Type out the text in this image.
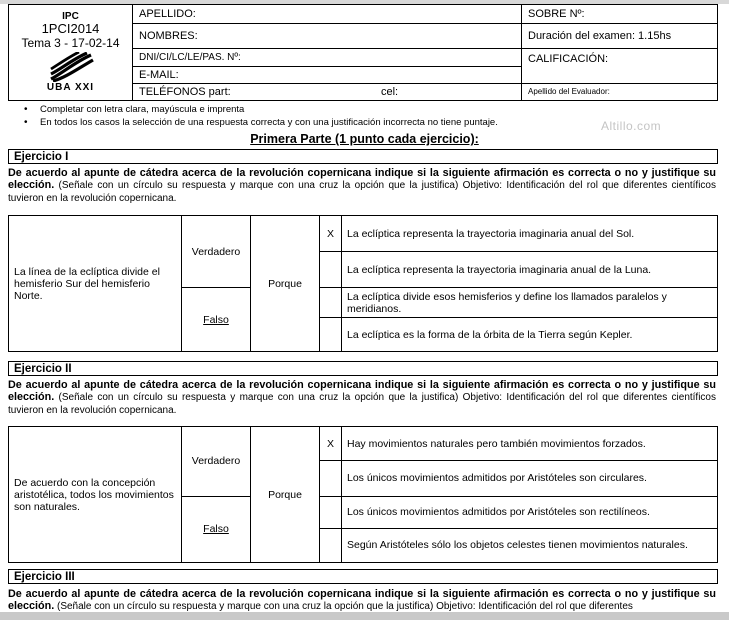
IPC
1PCI2014
Tema 3 - 17-02-14
UBA XXI	APELLIDO:		SOBRE Nº:
	NOMBRES:		Duración del examen: 1.15hs
	DNI/CI/LC/LE/PAS. Nº:		CALIFICACIÓN:
	E-MAIL:		
	TELÉFONOS part:	cel:	Apellido del Evaluador:
• Completar con letra clara, mayúscula e imprenta
• En todos los casos la selección de una respuesta correcta y con una justificación incorrecta no tiene puntaje.	Altillo.com
Primera Parte (1 punto cada ejercicio):
Ejercicio I
De acuerdo al apunte de cátedra acerca de la revolución copernicana indique si la siguiente afirmación es correcta o no y justifique su elección. (Señale con un círculo su respuesta y marque con una cruz la opción que la justifica) Objetivo: Identificación del rol que diferentes científicos tuvieron en la revolución copernicana.
La línea de la eclíptica divide el hemisferio Sur del hemisferio Norte.	Verdadero	Porque	X	La eclíptica representa la trayectoria imaginaria anual del Sol.
				La eclíptica representa la trayectoria imaginaria anual de la Luna.
	Falso			La eclíptica divide esos hemisferios y define los llamados paralelos y meridianos.
				La eclíptica es la forma de la órbita de la Tierra según Kepler.
Ejercicio II
De acuerdo al apunte de cátedra acerca de la revolución copernicana indique si la siguiente afirmación es correcta o no y justifique su elección. (Señale con un círculo su respuesta y marque con una cruz la opción que la justifica) Objetivo: Identificación del rol que diferentes científicos tuvieron en la revolución copernicana.
De acuerdo con la concepción aristotélica, todos los movimientos son naturales.	Verdadero	Porque	X	Hay movimientos naturales pero también movimientos forzados.
				Los únicos movimientos admitidos por Aristóteles son circulares.
	Falso			Los únicos movimientos admitidos por Aristóteles son rectilíneos.
				Según Aristóteles sólo los objetos celestes tienen movimientos naturales.
Ejercicio III
De acuerdo al apunte de cátedra acerca de la revolución copernicana indique si la siguiente afirmación es correcta o no y justifique su elección. (Señale con un círculo su respuesta y marque con una cruz la opción que la justifica) Objetivo: Identificación del rol que diferentes
